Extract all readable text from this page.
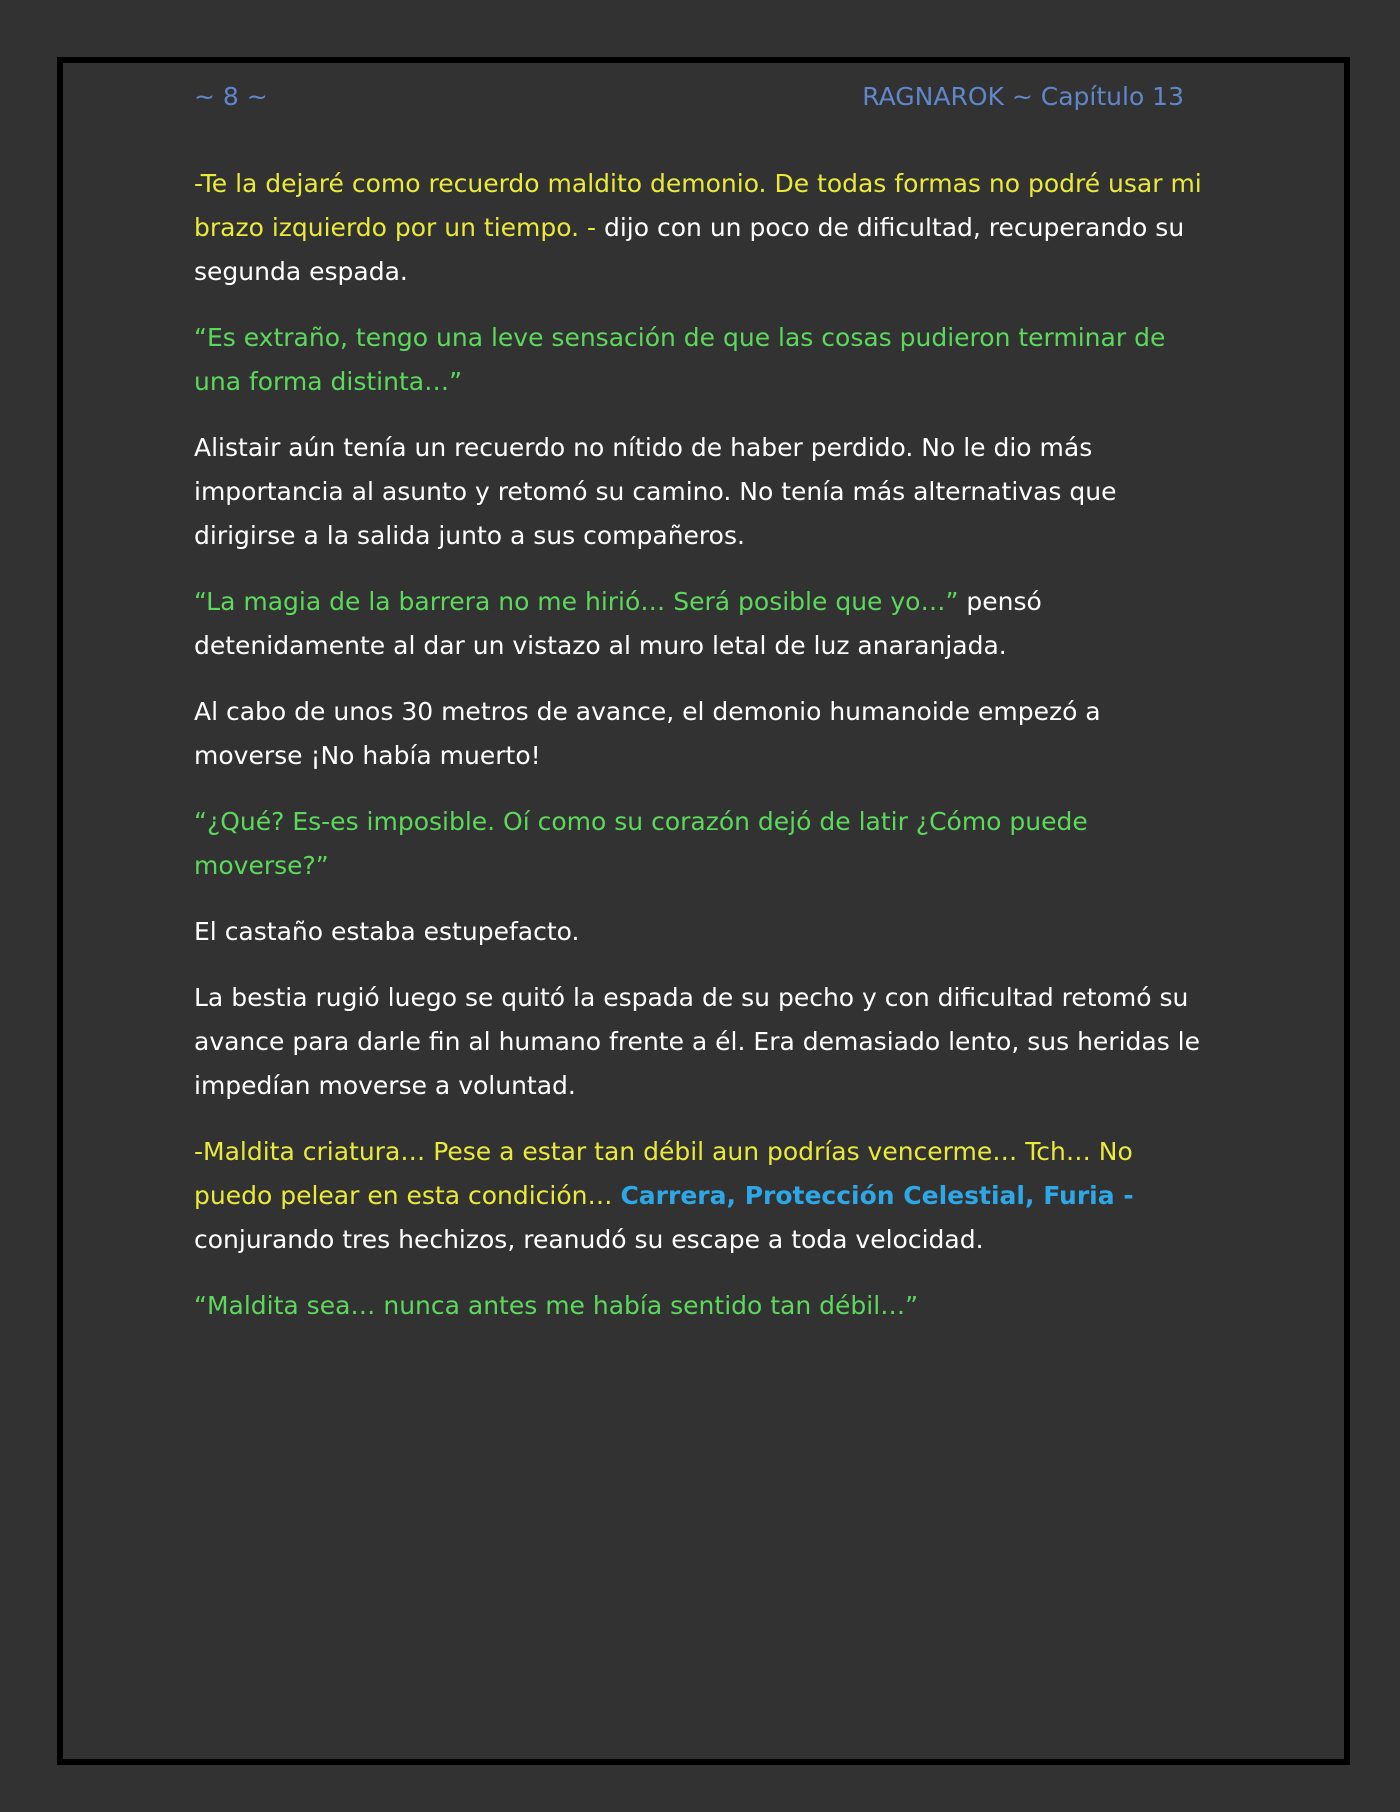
~ 8 ~	RAGNAROK ~ Capítulo 13

-Te la dejaré como recuerdo maldito demonio. De todas formas no podré usar mi brazo izquierdo por un tiempo. - dijo con un poco de dificultad, recuperando su segunda espada.

“Es extraño, tengo una leve sensación de que las cosas pudieron terminar de una forma distinta…”

Alistair aún tenía un recuerdo no nítido de haber perdido. No le dio más importancia al asunto y retomó su camino. No tenía más alternativas que dirigirse a la salida junto a sus compañeros.

“La magia de la barrera no me hirió… Será posible que yo…” pensó detenidamente al dar un vistazo al muro letal de luz anaranjada.

Al cabo de unos 30 metros de avance, el demonio humanoide empezó a moverse ¡No había muerto!

“¿Qué? Es-es imposible. Oí como su corazón dejó de latir ¿Cómo puede moverse?”

El castaño estaba estupefacto.

La bestia rugió luego se quitó la espada de su pecho y con dificultad retomó su avance para darle fin al humano frente a él. Era demasiado lento, sus heridas le impedían moverse a voluntad.

-Maldita criatura… Pese a estar tan débil aun podrías vencerme… Tch… No puedo pelear en esta condición… Carrera, Protección Celestial, Furia - conjurando tres hechizos, reanudó su escape a toda velocidad.

“Maldita sea… nunca antes me había sentido tan débil…”
